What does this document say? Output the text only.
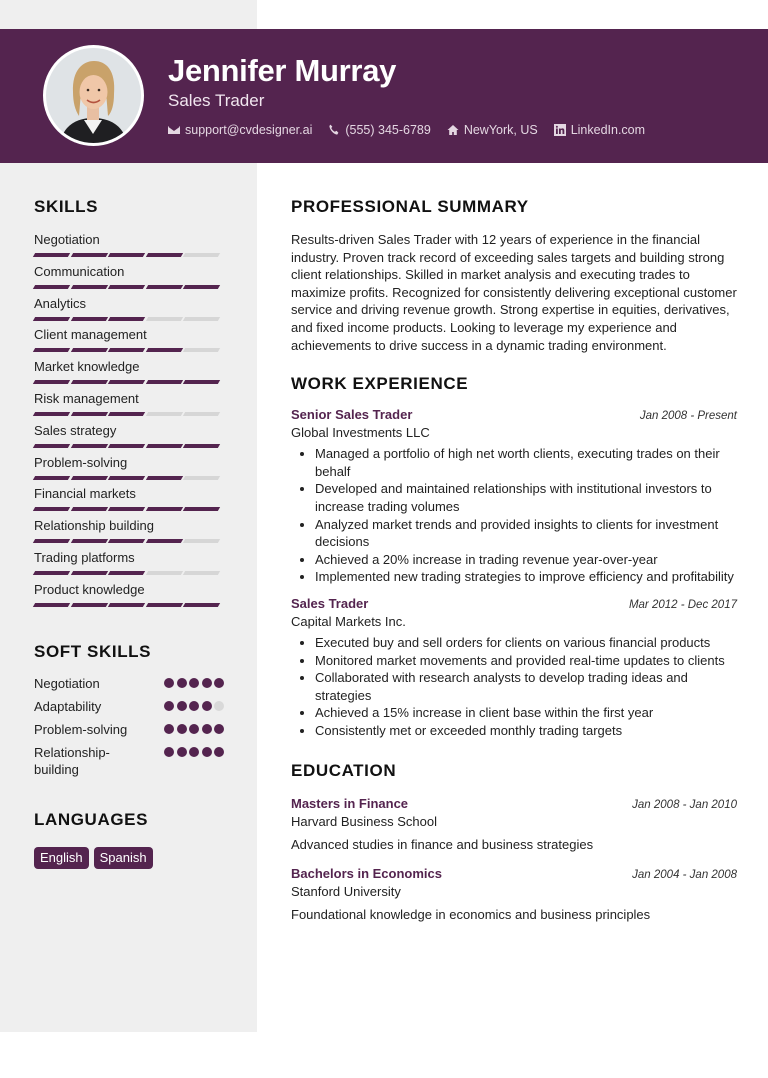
Jennifer Murray
Sales Trader
support@cvdesigner.ai	(555) 345-6789	NewYork, US	LinkedIn.com
SKILLS
Negotiation
Communication
Analytics
Client management
Market knowledge
Risk management
Sales strategy
Problem-solving
Financial markets
Relationship building
Trading platforms
Product knowledge
SOFT SKILLS
Negotiation
Adaptability
Problem-solving
Relationship-building
LANGUAGES
English	Spanish
PROFESSIONAL SUMMARY

Results-driven Sales Trader with 12 years of experience in the financial industry. Proven track record of exceeding sales targets and building strong client relationships. Skilled in market analysis and executing trades to maximize profits. Recognized for consistently delivering exceptional customer service and driving revenue growth. Strong expertise in equities, derivatives, and fixed income products. Looking to leverage my experience and achievements to drive success in a dynamic trading environment.

WORK EXPERIENCE
Senior Sales Trader	Jan 2008 - Present
Global Investments LLC
• Managed a portfolio of high net worth clients, executing trades on their behalf
• Developed and maintained relationships with institutional investors to increase trading volumes
• Analyzed market trends and provided insights to clients for investment decisions
• Achieved a 20% increase in trading revenue year-over-year
• Implemented new trading strategies to improve efficiency and profitability
Sales Trader	Mar 2012 - Dec 2017
Capital Markets Inc.
• Executed buy and sell orders for clients on various financial products
• Monitored market movements and provided real-time updates to clients
• Collaborated with research analysts to develop trading ideas and strategies
• Achieved a 15% increase in client base within the first year
• Consistently met or exceeded monthly trading targets
EDUCATION
Masters in Finance	Jan 2008 - Jan 2010
Harvard Business School
Advanced studies in finance and business strategies
Bachelors in Economics	Jan 2004 - Jan 2008
Stanford University
Foundational knowledge in economics and business principles
